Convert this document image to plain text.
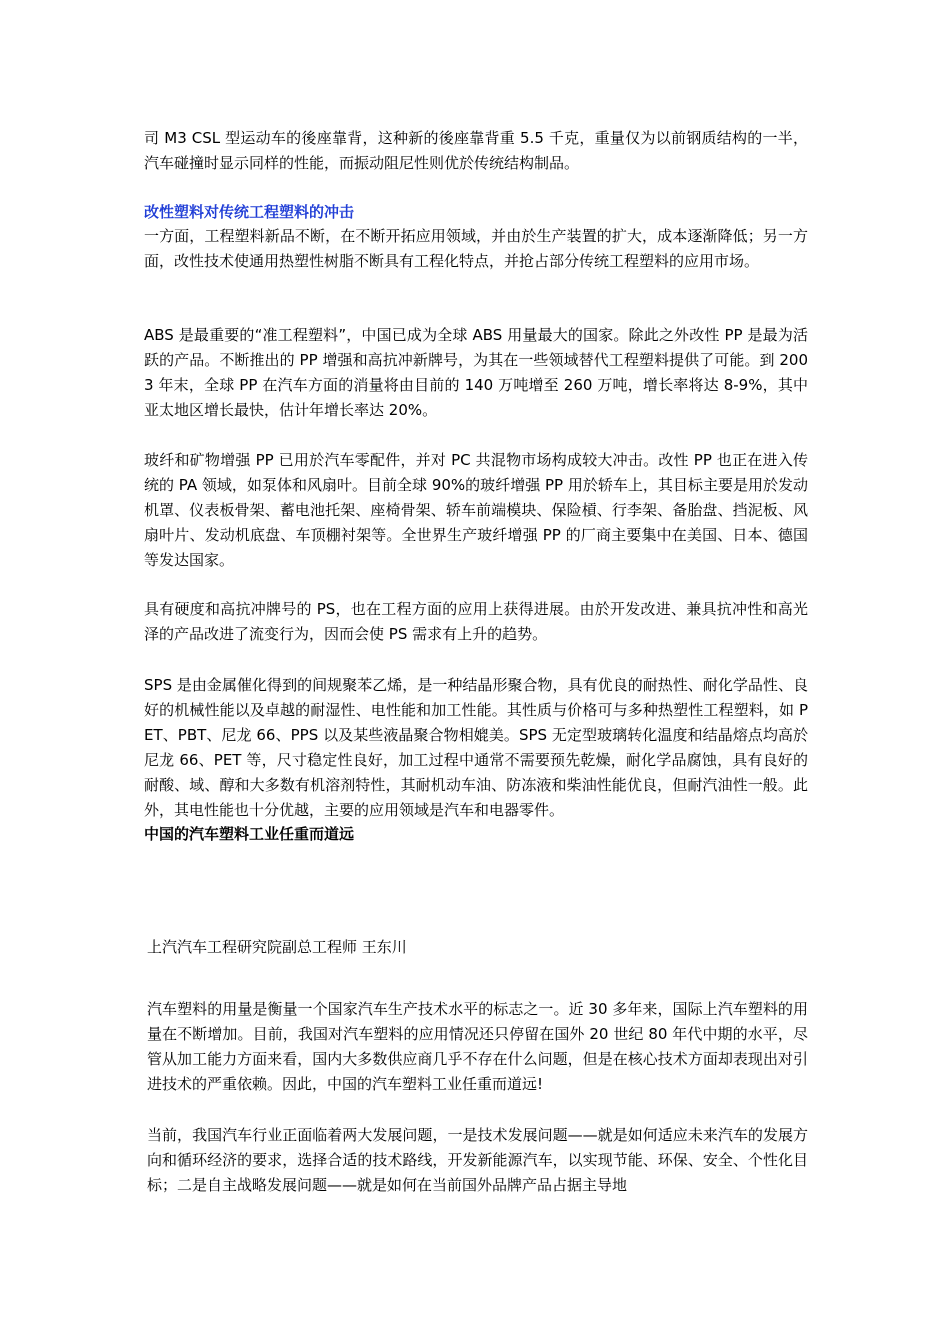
司 M3 CSL 型运动车的後座靠背，这种新的後座靠背重 5.5 千克，重量仅为以前钢质结构的一半，汽车碰撞时显示同样的性能，而振动阻尼性则优於传统结构制品。

改性塑料对传统工程塑料的冲击

一方面，工程塑料新品不断，在不断开拓应用领域，并由於生产装置的扩大，成本逐渐降低；另一方面，改性技术使通用热塑性树脂不断具有工程化特点，并抢占部分传统工程塑料的应用市场。

ABS 是最重要的“准工程塑料”，中国已成为全球 ABS 用量最大的国家。除此之外改性 PP 是最为活跃的产品。不断推出的 PP 增强和高抗冲新牌号，为其在一些领域替代工程塑料提供了可能。到 2003 年末，全球 PP 在汽车方面的消量将由目前的 140 万吨增至 260 万吨，增长率将达 8-9%，其中亚太地区增长最快，估计年增长率达 20%。

玻纤和矿物增强 PP 已用於汽车零配件，并对 PC 共混物市场构成较大冲击。改性 PP 也正在进入传统的 PA 领域，如泵体和风扇叶。目前全球 90%的玻纤增强 PP 用於轿车上，其目标主要是用於发动机罩、仪表板骨架、蓄电池托架、座椅骨架、轿车前端模块、保险槓、行李架、备胎盘、挡泥板、风扇叶片、发动机底盘、车顶棚衬架等。全世界生产玻纤增强 PP 的厂商主要集中在美国、日本、德国等发达国家。

具有硬度和高抗冲牌号的 PS，也在工程方面的应用上获得进展。由於开发改进、兼具抗冲性和高光泽的产品改进了流变行为，因而会使 PS 需求有上升的趋势。

SPS 是由金属催化得到的间规聚苯乙烯，是一种结晶形聚合物，具有优良的耐热性、耐化学品性、良好的机械性能以及卓越的耐湿性、电性能和加工性能。其性质与价格可与多种热塑性工程塑料，如 PET、PBT、尼龙 66、PPS 以及某些液晶聚合物相媲美。SPS 无定型玻璃转化温度和结晶熔点均高於尼龙 66、PET 等，尺寸稳定性良好，加工过程中通常不需要预先乾燥，耐化学品腐蚀，具有良好的耐酸、域、醇和大多数有机溶剂特性，其耐机动车油、防冻液和柴油性能优良，但耐汽油性一般。此外，其电性能也十分优越，主要的应用领域是汽车和电器零件。

中国的汽车塑料工业任重而道远

上汽汽车工程研究院副总工程师 王东川

汽车塑料的用量是衡量一个国家汽车生产技术水平的标志之一。近 30 多年来，国际上汽车塑料的用量在不断增加。目前，我国对汽车塑料的应用情况还只停留在国外 20 世纪 80 年代中期的水平，尽管从加工能力方面来看，国内大多数供应商几乎不存在什么问题，但是在核心技术方面却表现出对引进技术的严重依赖。因此，中国的汽车塑料工业任重而道远!

当前，我国汽车行业正面临着两大发展问题，一是技术发展问题——就是如何适应未来汽车的发展方向和循环经济的要求，选择合适的技术路线，开发新能源汽车，以实现节能、环保、安全、个性化目标；二是自主战略发展问题——就是如何在当前国外品牌产品占据主导地
